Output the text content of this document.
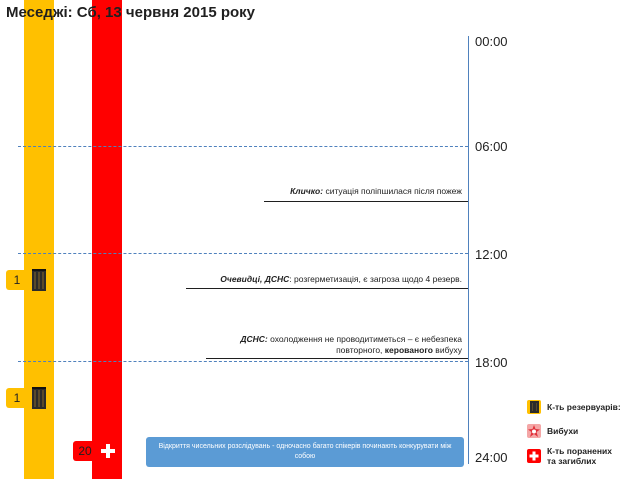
Меседжі: Сб, 13 червня 2015 року
00:00
06:00
12:00
18:00
24:00
Кличко: ситуація поліпшилася після пожеж
Очевидці, ДСНС: розгерметизація, є загроза щодо 4 резерв.
ДСНС: охолодження не проводитиметься – є небезпека
повторного, керованого вибуху
1
1
20	Відкриття чисельних розслідувань - одночасно багато спікерів починають конкурувати між собою
К-ть резервуарів:
Вибухи
К-ть поранених
та загиблих
